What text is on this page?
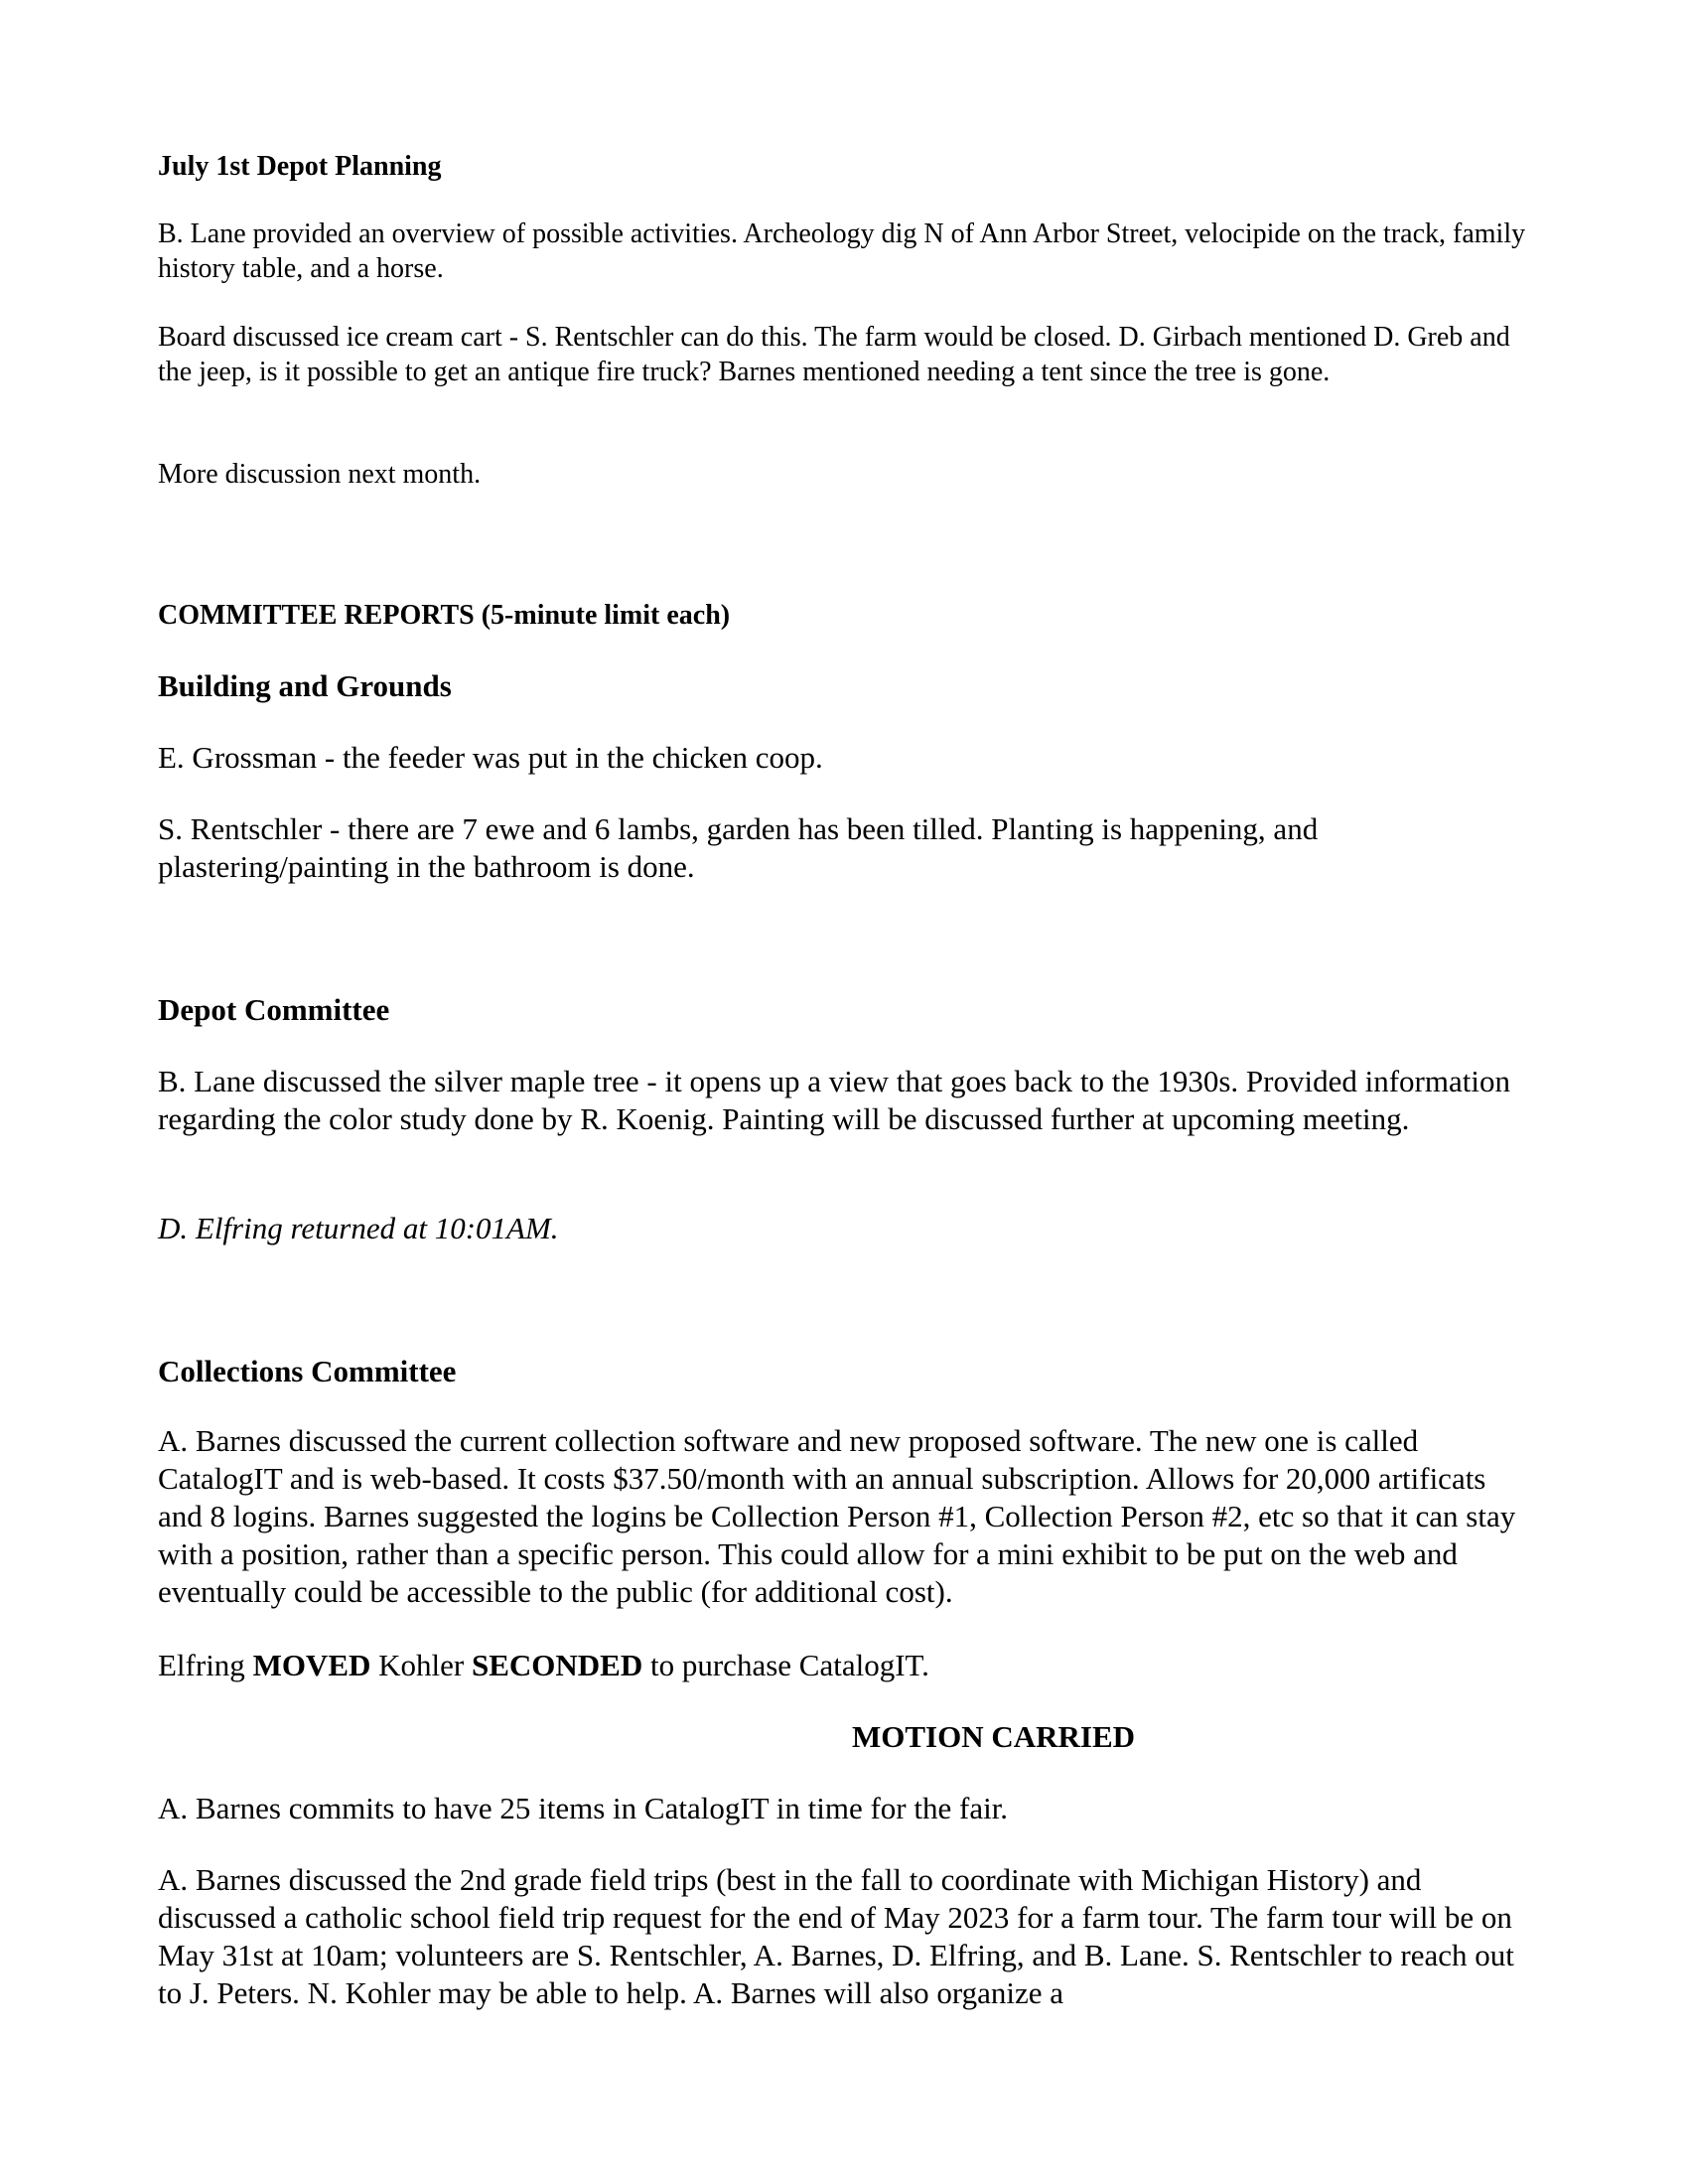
July 1st Depot Planning

B. Lane provided an overview of possible activities. Archeology dig N of Ann Arbor Street, velocipide on the track, family history table, and a horse.

Board discussed ice cream cart - S. Rentschler can do this. The farm would be closed. D. Girbach mentioned D. Greb and the jeep, is it possible to get an antique fire truck? Barnes mentioned needing a tent since the tree is gone.

More discussion next month.

COMMITTEE REPORTS (5-minute limit each)

Building and Grounds

E. Grossman - the feeder was put in the chicken coop.

S. Rentschler - there are 7 ewe and 6 lambs, garden has been tilled. Planting is happening, and plastering/painting in the bathroom is done.

Depot Committee

B. Lane discussed the silver maple tree - it opens up a view that goes back to the 1930s. Provided information regarding the color study done by R. Koenig. Painting will be discussed further at upcoming meeting.

D. Elfring returned at 10:01AM.

Collections Committee

A. Barnes discussed the current collection software and new proposed software. The new one is called CatalogIT and is web-based. It costs $37.50/month with an annual subscription. Allows for 20,000 artificats and 8 logins. Barnes suggested the logins be Collection Person #1, Collection Person #2, etc so that it can stay with a position, rather than a specific person. This could allow for a mini exhibit to be put on the web and eventually could be accessible to the public (for additional cost).

Elfring MOVED Kohler SECONDED to purchase CatalogIT.

MOTION CARRIED

A. Barnes commits to have 25 items in CatalogIT in time for the fair.

A. Barnes discussed the 2nd grade field trips (best in the fall to coordinate with Michigan History) and discussed a catholic school field trip request for the end of May 2023 for a farm tour. The farm tour will be on May 31st at 10am; volunteers are S. Rentschler, A. Barnes, D. Elfring, and B. Lane. S. Rentschler to reach out to J. Peters. N. Kohler may be able to help. A. Barnes will also organize a
